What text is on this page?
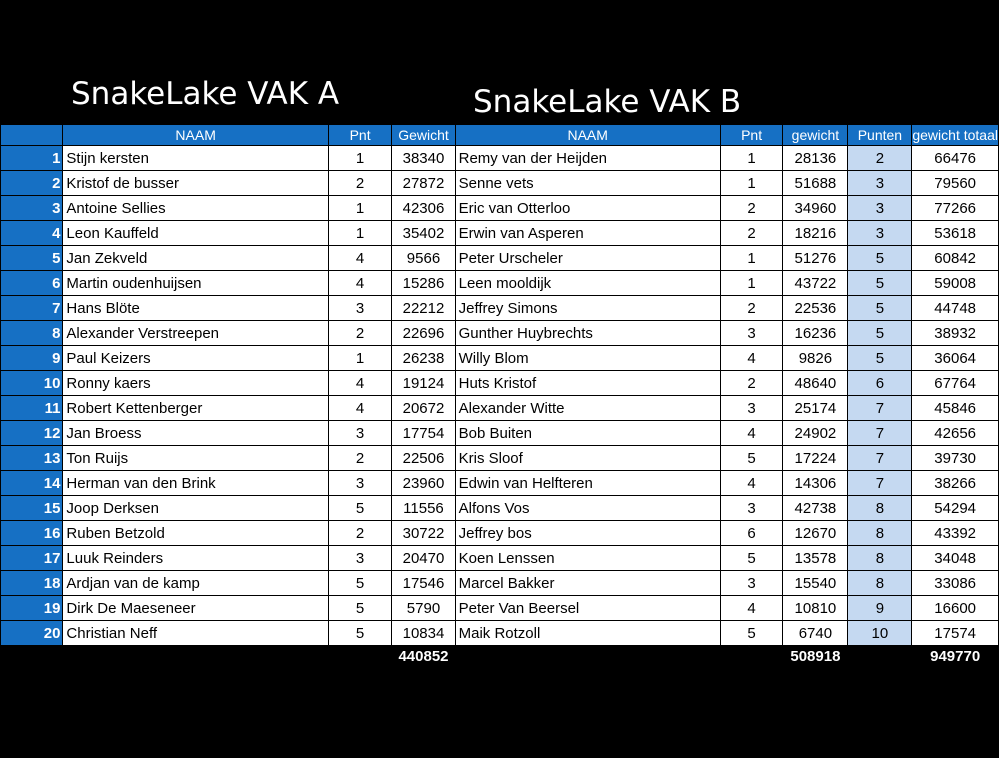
SnakeLake VAK A	SnakeLake VAK B
	NAAM	Pnt	Gewicht	NAAM	Pnt	gewicht	Punten	gewicht totaal
1	Stijn kersten	1	38340	Remy van der Heijden	1	28136	2	66476
2	Kristof de busser	2	27872	Senne vets	1	51688	3	79560
3	Antoine Sellies	1	42306	Eric van Otterloo	2	34960	3	77266
4	Leon Kauffeld	1	35402	Erwin van Asperen	2	18216	3	53618
5	Jan Zekveld	4	9566	Peter Urscheler	1	51276	5	60842
6	Martin oudenhuijsen	4	15286	Leen mooldijk	1	43722	5	59008
7	Hans Blöte	3	22212	Jeffrey Simons	2	22536	5	44748
8	Alexander Verstreepen	2	22696	Gunther Huybrechts	3	16236	5	38932
9	Paul Keizers	1	26238	Willy Blom	4	9826	5	36064
10	Ronny kaers	4	19124	Huts Kristof	2	48640	6	67764
11	Robert Kettenberger	4	20672	Alexander Witte	3	25174	7	45846
12	Jan Broess	3	17754	Bob Buiten	4	24902	7	42656
13	Ton Ruijs	2	22506	Kris Sloof	5	17224	7	39730
14	Herman van den Brink	3	23960	Edwin van Helfteren	4	14306	7	38266
15	Joop Derksen	5	11556	Alfons Vos	3	42738	8	54294
16	Ruben Betzold	2	30722	Jeffrey bos	6	12670	8	43392
17	Luuk Reinders	3	20470	Koen Lenssen	5	13578	8	34048
18	Ardjan van de kamp	5	17546	Marcel Bakker	3	15540	8	33086
19	Dirk De Maeseneer	5	5790	Peter Van Beersel	4	10810	9	16600
20	Christian Neff	5	10834	Maik Rotzoll	5	6740	10	17574
			440852			508918		949770
